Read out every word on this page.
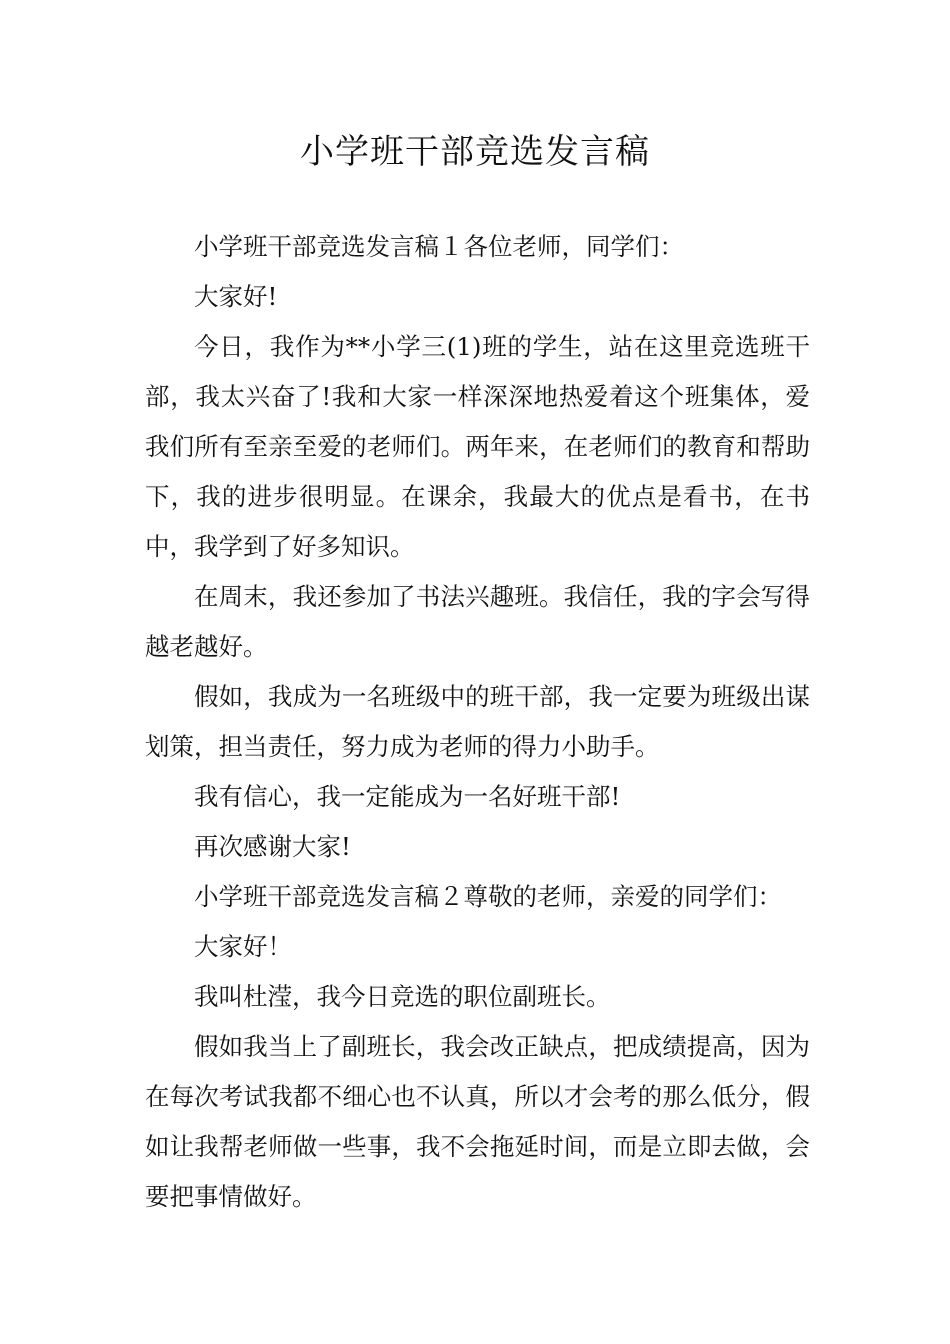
小学班干部竞选发言稿

小学班干部竞选发言稿１各位老师，同学们：

大家好!

今日，我作为**小学三(1)班的学生，站在这里竞选班干部，我太兴奋了!我和大家一样深深地热爱着这个班集体，爱我们所有至亲至爱的老师们。两年来，在老师们的教育和帮助下，我的进步很明显。在课余，我最大的优点是看书，在书中，我学到了好多知识。

在周末，我还参加了书法兴趣班。我信任，我的字会写得越老越好。

假如，我成为一名班级中的班干部，我一定要为班级出谋划策，担当责任，努力成为老师的得力小助手。

我有信心，我一定能成为一名好班干部!

再次感谢大家!

小学班干部竞选发言稿２尊敬的老师，亲爱的同学们：

大家好！

我叫杜滢，我今日竞选的职位副班长。

假如我当上了副班长，我会改正缺点，把成绩提高，因为在每次考试我都不细心也不认真，所以才会考的那么低分，假如让我帮老师做一些事，我不会拖延时间，而是立即去做，会要把事情做好。
